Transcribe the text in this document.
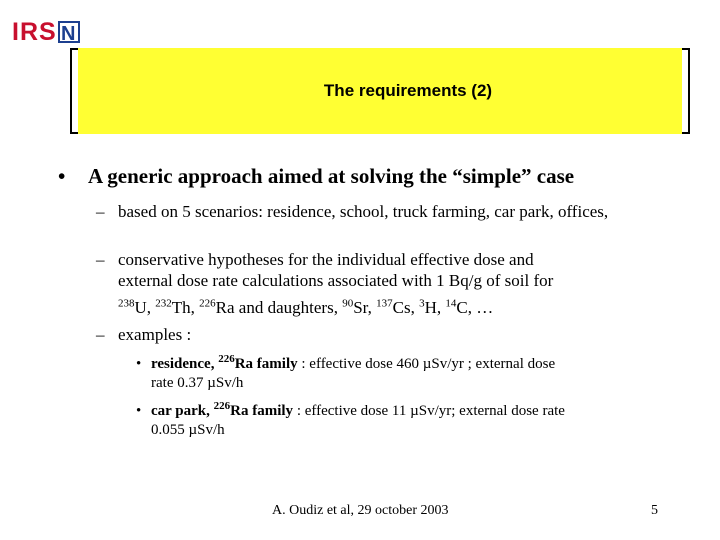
IRS N
The requirements (2)
• A generic approach aimed at solving the “simple” case
– based on 5 scenarios: residence, school, truck farming, car park, offices,
– conservative hypotheses for the individual effective dose and
external dose rate calculations associated with 1 Bq/g of soil for
$^{238}$U, $^{232}$Th, $^{226}$Ra and daughters, $^{90}$Sr, $^{137}$Cs, $^3$H, $^{14}$C, …
– examples :
• residence, $^{226}$Ra family : effective dose 460 µSv/yr ; external dose
rate 0.37 µSv/h
• car park, $^{226}$Ra family : effective dose 11 µSv/yr; external dose rate
0.055 µSv/h
A. Oudiz et al, 29 october 2003	5
